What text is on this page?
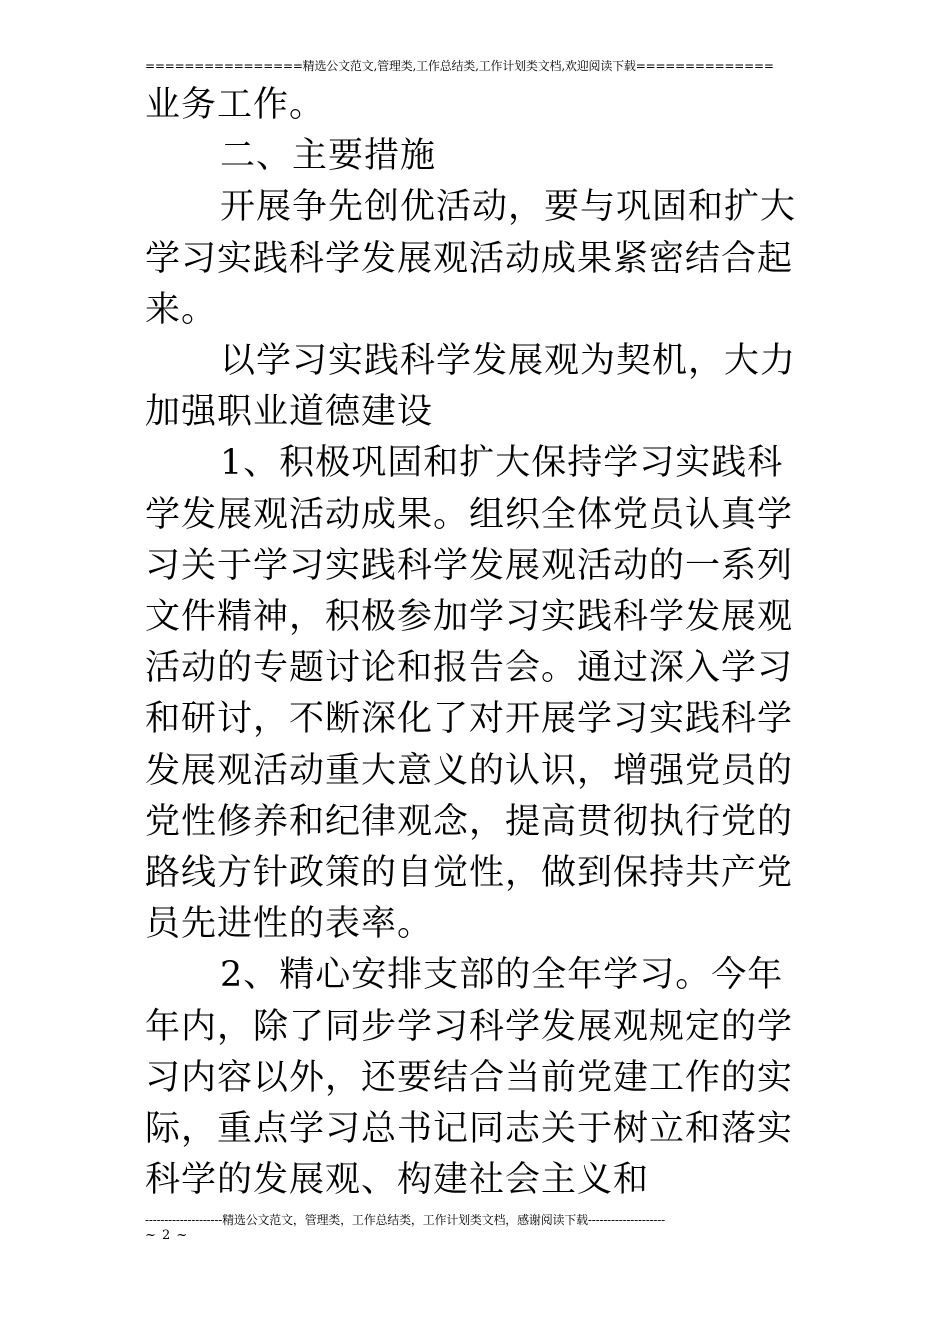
================精选公文范文,管理类,工作总结类,工作计划类文档,欢迎阅读下载==============

业务工作。

二、主要措施

开展争先创优活动，要与巩固和扩大学习实践科学发展观活动成果紧密结合起来。

以学习实践科学发展观为契机，大力加强职业道德建设

1、积极巩固和扩大保持学习实践科学发展观活动成果。组织全体党员认真学习关于学习实践科学发展观活动的一系列文件精神，积极参加学习实践科学发展观活动的专题讨论和报告会。通过深入学习和研讨，不断深化了对开展学习实践科学发展观活动重大意义的认识，增强党员的党性修养和纪律观念，提高贯彻执行党的路线方针政策的自觉性，做到保持共产党员先进性的表率。

2、精心安排支部的全年学习。今年年内，除了同步学习科学发展观规定的学习内容以外，还要结合当前党建工作的实际，重点学习总书记同志关于树立和落实科学的发展观、构建社会主义和

--------------------精选公文范文，管理类，工作总结类，工作计划类文档，感谢阅读下载--------------------
~ 2 ~
